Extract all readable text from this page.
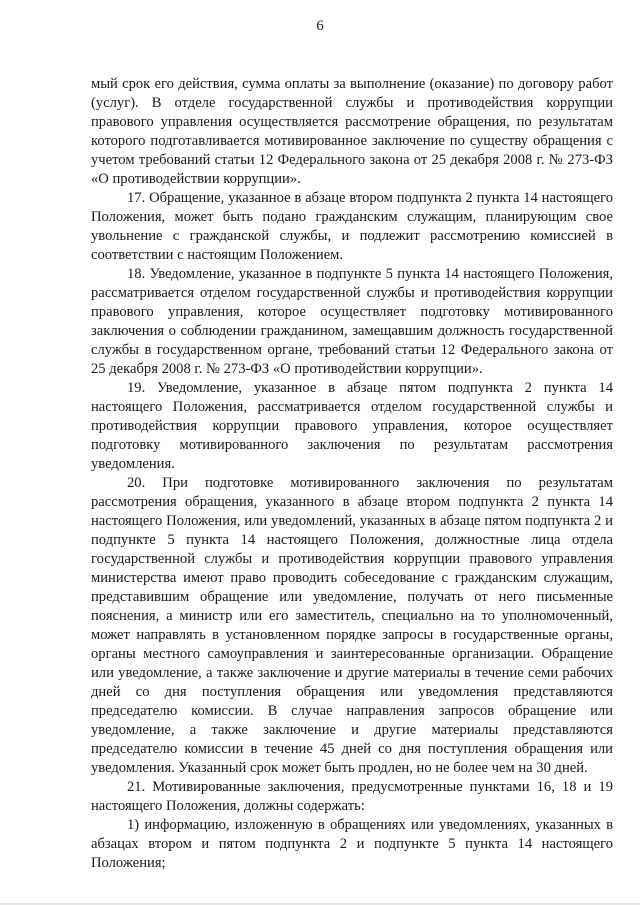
6

мый срок его действия, сумма оплаты за выполнение (оказание) по договору работ (услуг). В отделе государственной службы и противодействия коррупции правового управления осуществляется рассмотрение обращения, по результатам которого подготавливается мотивированное заключение по существу обращения с учетом требований статьи 12 Федерального закона от 25 декабря 2008 г. № 273-ФЗ «О противодействии коррупции».

17. Обращение, указанное в абзаце втором подпункта 2 пункта 14 настоящего Положения, может быть подано гражданским служащим, планирующим свое увольнение с гражданской службы, и подлежит рассмотрению комиссией в соответствии с настоящим Положением.

18. Уведомление, указанное в подпункте 5 пункта 14 настоящего Положения, рассматривается отделом государственной службы и противодействия коррупции правового управления, которое осуществляет подготовку мотивированного заключения о соблюдении гражданином, замещавшим должность государственной службы в государственном органе, требований статьи 12 Федерального закона от 25 декабря 2008 г. № 273-ФЗ «О противодействии коррупции».

19. Уведомление, указанное в абзаце пятом подпункта 2 пункта 14 настоящего Положения, рассматривается отделом государственной службы и противодействия коррупции правового управления, которое осуществляет подготовку мотивированного заключения по результатам рассмотрения уведомления.

20. При подготовке мотивированного заключения по результатам рассмотрения обращения, указанного в абзаце втором подпункта 2 пункта 14 настоящего Положения, или уведомлений, указанных в абзаце пятом подпункта 2 и подпункте 5 пункта 14 настоящего Положения, должностные лица отдела государственной службы и противодействия коррупции правового управления министерства имеют право проводить собеседование с гражданским служащим, представившим обращение или уведомление, получать от него письменные пояснения, а министр или его заместитель, специально на то уполномоченный, может направлять в установленном порядке запросы в государственные органы, органы местного самоуправления и заинтересованные организации. Обращение или уведомление, а также заключение и другие материалы в течение семи рабочих дней со дня поступления обращения или уведомления представляются председателю комиссии. В случае направления запросов обращение или уведомление, а также заключение и другие материалы представляются председателю комиссии в течение 45 дней со дня поступления обращения или уведомления. Указанный срок может быть продлен, но не более чем на 30 дней.

21. Мотивированные заключения, предусмотренные пунктами 16, 18 и 19 настоящего Положения, должны содержать:

1) информацию, изложенную в обращениях или уведомлениях, указанных в абзацах втором и пятом подпункта 2 и подпункте 5 пункта 14 настоящего Положения;
